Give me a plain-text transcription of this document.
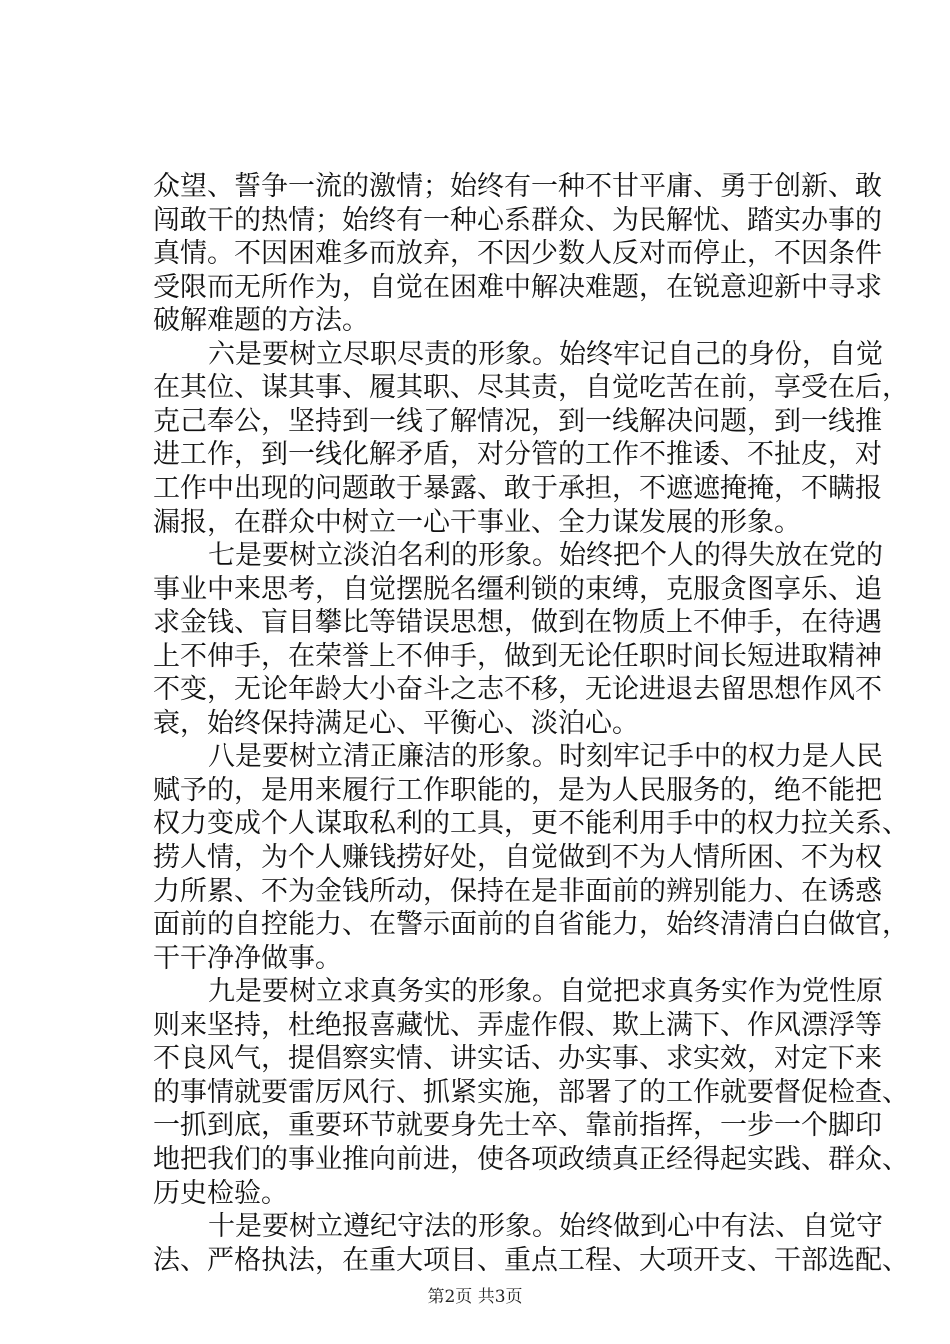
众望、誓争一流的激情；始终有一种不甘平庸、勇于创新、敢
闯敢干的热情；始终有一种心系群众、为民解忧、踏实办事的
真情。不因困难多而放弃，不因少数人反对而停止，不因条件
受限而无所作为，自觉在困难中解决难题，在锐意迎新中寻求
破解难题的方法。
六是要树立尽职尽责的形象。始终牢记自己的身份，自觉
在其位、谋其事、履其职、尽其责，自觉吃苦在前，享受在后，
克己奉公，坚持到一线了解情况，到一线解决问题，到一线推
进工作，到一线化解矛盾，对分管的工作不推诿、不扯皮，对
工作中出现的问题敢于暴露、敢于承担，不遮遮掩掩，不瞒报
漏报，在群众中树立一心干事业、全力谋发展的形象。
七是要树立淡泊名利的形象。始终把个人的得失放在党的
事业中来思考，自觉摆脱名缰利锁的束缚，克服贪图享乐、追
求金钱、盲目攀比等错误思想，做到在物质上不伸手，在待遇
上不伸手，在荣誉上不伸手，做到无论任职时间长短进取精神
不变，无论年龄大小奋斗之志不移，无论进退去留思想作风不
衰，始终保持满足心、平衡心、淡泊心。
八是要树立清正廉洁的形象。时刻牢记手中的权力是人民
赋予的，是用来履行工作职能的，是为人民服务的，绝不能把
权力变成个人谋取私利的工具，更不能利用手中的权力拉关系、
捞人情，为个人赚钱捞好处，自觉做到不为人情所困、不为权
力所累、不为金钱所动，保持在是非面前的辨别能力、在诱惑
面前的自控能力、在警示面前的自省能力，始终清清白白做官，
干干净净做事。
九是要树立求真务实的形象。自觉把求真务实作为党性原
则来坚持，杜绝报喜藏忧、弄虚作假、欺上满下、作风漂浮等
不良风气，提倡察实情、讲实话、办实事、求实效，对定下来
的事情就要雷厉风行、抓紧实施，部署了的工作就要督促检查、
一抓到底，重要环节就要身先士卒、靠前指挥，一步一个脚印
地把我们的事业推向前进，使各项政绩真正经得起实践、群众、
历史检验。
十是要树立遵纪守法的形象。始终做到心中有法、自觉守
法、严格执法，在重大项目、重点工程、大项开支、干部选配、
第2页 共3页
